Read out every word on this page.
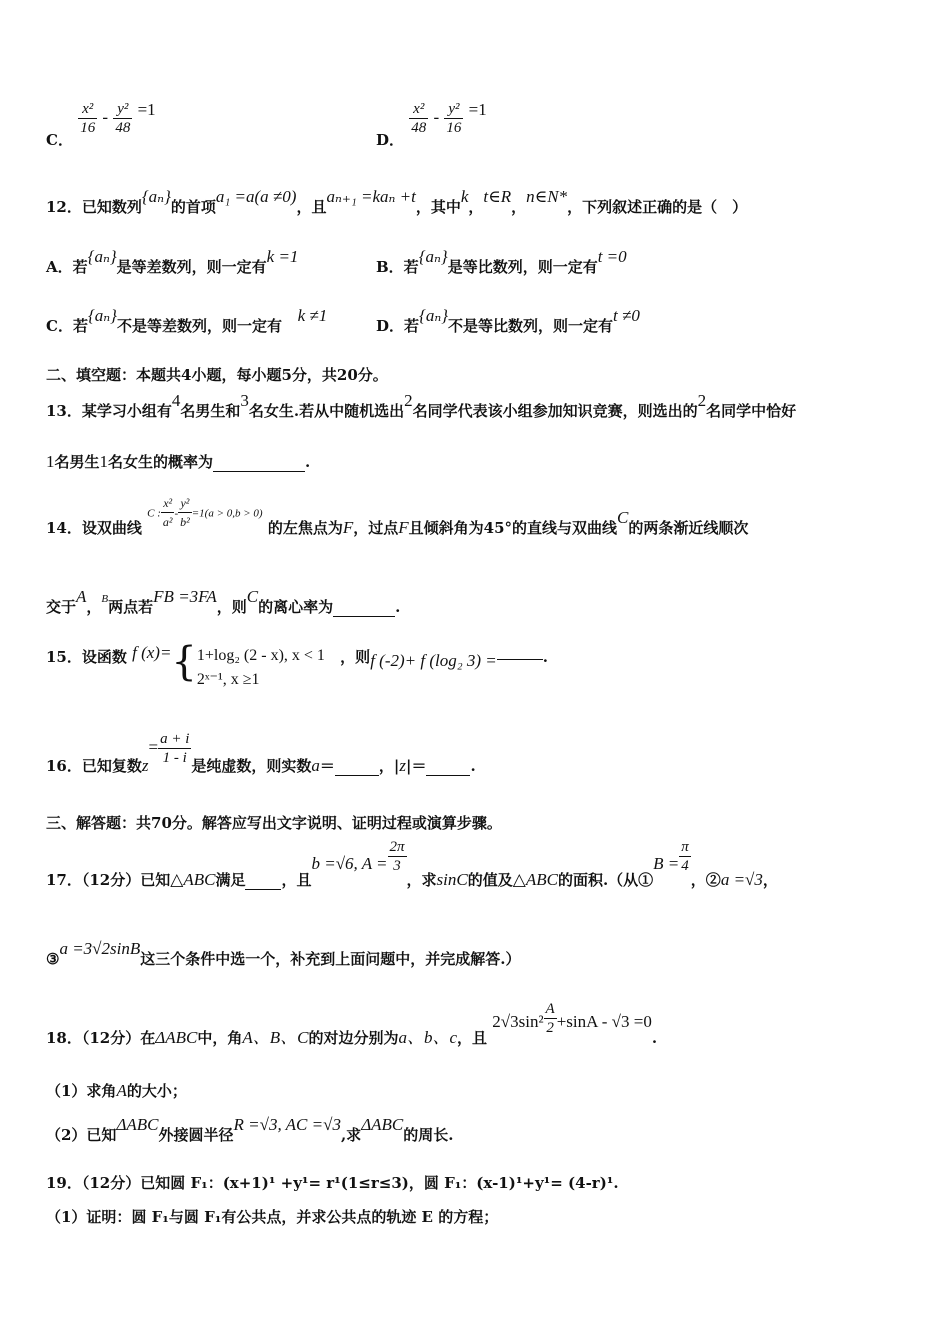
C．
$\frac{\text{x²}}{16} - \frac{\text{y²}}{48} =1$
D．
$\frac{\text{x²}}{48} - \frac{\text{y²}}{16} =1$
12．已知数列{aₙ}的首项a₁ =a(a ≠0)，且aₙ₊₁ =kaₙ +t，其中k，t∈R，n∈N*，下列叙述正确的是（　）
A．若{aₙ}是等差数列，则一定有k =1
B．若{aₙ}是等比数列，则一定有t =0
C．若{aₙ}不是等差数列，则一定有   k ≠1
D．若{aₙ}不是等比数列，则一定有t ≠0
二、填空题：本题共4小题，每小题5分，共20分。
13．某学习小组有4名男生和3名女生.若从中随机选出2名同学代表该小组参加知识竞赛，则选出的2名同学中恰好
1名男生1名女生的概率为	.
14．设双曲线 C : $\frac{\text{x²}}{\text{a²}} - \frac{\text{y²}}{\text{b²}} =1(a > 0,b > 0)$ 的左焦点为F，过点F且倾斜角为45°的直线与双曲线C的两条渐近线顺次
交于A，$^B$两点若FB =3FA，则C的离心率为	.
15．设函数 f (x)={ 1+log₂ (2 - x), x < 1
2ˣ⁻¹, x ≥1
，则f (-2)+ f (log₂ 3) =	.
16．已知复数$z= \frac{a + i}{1 - i}$ 是纯虚数，则实数a＝	，|z|＝	.
三、解答题：共70分。解答应写出文字说明、证明过程或演算步骤。
17．（12分）已知△ABC满足 ，且b =√6, $A = \frac{2\pi}{3}$
，求sinC的值及△ABC的面积.（从①B = $\frac{\pi}{4}$
，②a =√3，
③a =3√2sinB这三个条件中选一个，补充到上面问题中，并完成解答.）
18．（12分）在ΔABC中，角A、B、C的对边分别为a、b、c，且 $2√3\sin^2 \frac{A}{2} +\sin A - √3 =0$.
（1）求角A的大小；
（2）已知ΔABC外接圆半径R =√3, AC =√3,求ΔABC的周长.
19．（12分）已知圆 F₁：(x+1)¹ +y¹= r¹(1≤r≤3)，圆 F₁：(x-1)¹+y¹= (4-r)¹.
（1）证明：圆 F₁与圆 F₁有公共点，并求公共点的轨迹 E 的方程；
